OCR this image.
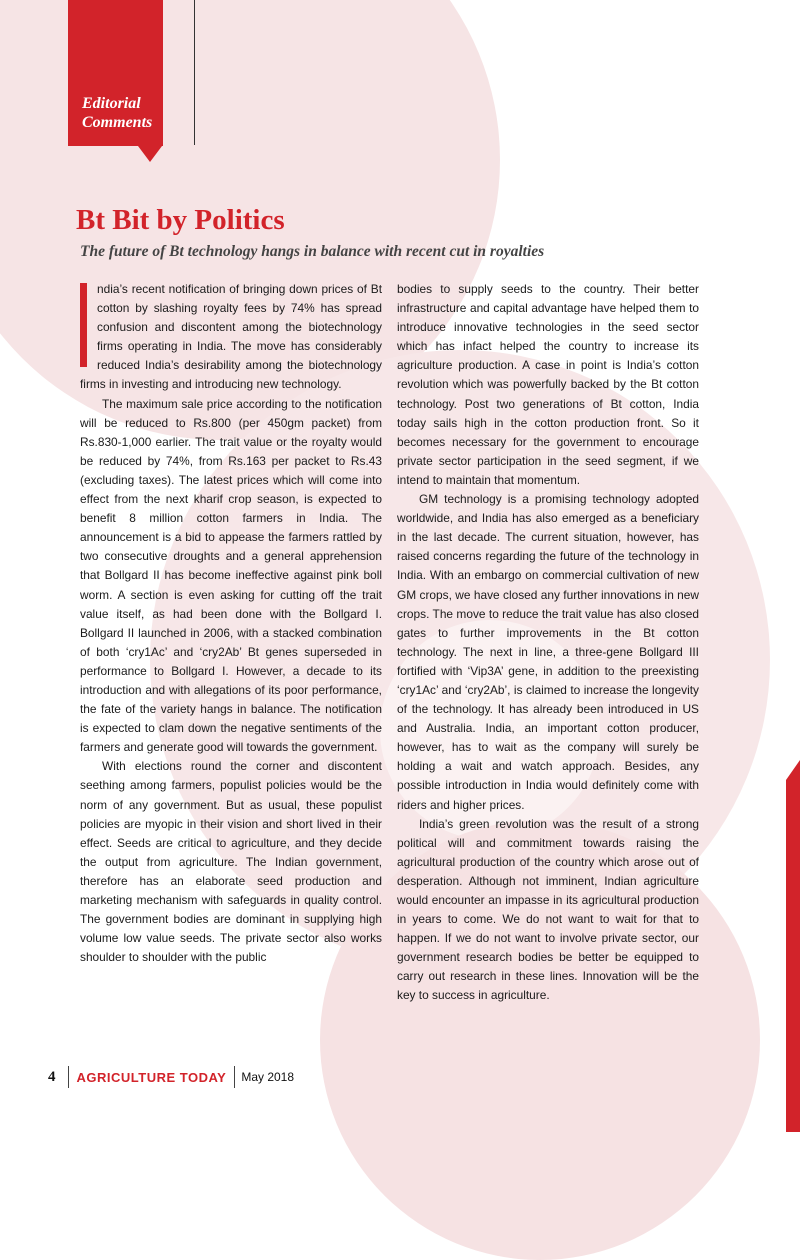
Editorial
Comments
Bt Bit by Politics
The future of Bt technology hangs in balance with recent cut in royalties

ndia’s recent notification of bringing down prices of Bt cotton by slashing royalty fees by 74% has spread confusion and discontent among the biotechnology firms operating in India. The move has considerably reduced India’s desirability among the biotechnology firms in investing and introducing new technology.

The maximum sale price according to the notification will be reduced to Rs.800 (per 450gm packet) from Rs.830-1,000 earlier. The trait value or the royalty would be reduced by 74%, from Rs.163 per packet to Rs.43 (excluding taxes). The latest prices which will come into effect from the next kharif crop season, is expected to benefit 8 million cotton farmers in India. The announcement is a bid to appease the farmers rattled by two consecutive droughts and a general apprehension that Bollgard II has become ineffective against pink boll worm. A section is even asking for cutting off the trait value itself, as had been done with the Bollgard I. Bollgard II launched in 2006, with a stacked combination of both ‘cry1Ac’ and ‘cry2Ab’ Bt genes superseded in performance to Bollgard I. However, a decade to its introduction and with allegations of its poor performance, the fate of the variety hangs in balance. The notification is expected to clam down the negative sentiments of the farmers and generate good will towards the government.

With elections round the corner and discontent seething among farmers, populist policies would be the norm of any government. But as usual, these populist policies are myopic in their vision and short lived in their effect. Seeds are critical to agriculture, and they decide the output from agriculture. The Indian government, therefore has an elaborate seed production and marketing mechanism with safeguards in quality control. The government bodies are dominant in supplying high volume low value seeds. The private sector also works shoulder to shoulder with the public

bodies to supply seeds to the country. Their better infrastructure and capital advantage have helped them to introduce innovative technologies in the seed sector which has infact helped the country to increase its agriculture production. A case in point is India’s cotton revolution which was powerfully backed by the Bt cotton technology. Post two generations of Bt cotton, India today sails high in the cotton production front. So it becomes necessary for the government to encourage private sector participation in the seed segment, if we intend to maintain that momentum.

GM technology is a promising technology adopted worldwide, and India has also emerged as a beneficiary in the last decade. The current situation, however, has raised concerns regarding the future of the technology in India. With an embargo on commercial cultivation of new GM crops, we have closed any further innovations in new crops. The move to reduce the trait value has also closed gates to further improvements in the Bt cotton technology. The next in line, a three-gene Bollgard III fortified with ‘Vip3A’ gene, in addition to the preexisting ‘cry1Ac’ and ‘cry2Ab’, is claimed to increase the longevity of the technology. It has already been introduced in US and Australia. India, an important cotton producer, however, has to wait as the company will surely be holding a wait and watch approach. Besides, any possible introduction in India would definitely come with riders and higher prices.

India’s green revolution was the result of a strong political will and commitment towards raising the agricultural production of the country which arose out of desperation. Although not imminent, Indian agriculture would encounter an impasse in its agricultural production in years to come. We do not want to wait for that to happen. If we do not want to involve private sector, our government research bodies be better be equipped to carry out research in these lines. Innovation will be the key to success in agriculture.

4 AGRICULTURE TODAY May 2018
